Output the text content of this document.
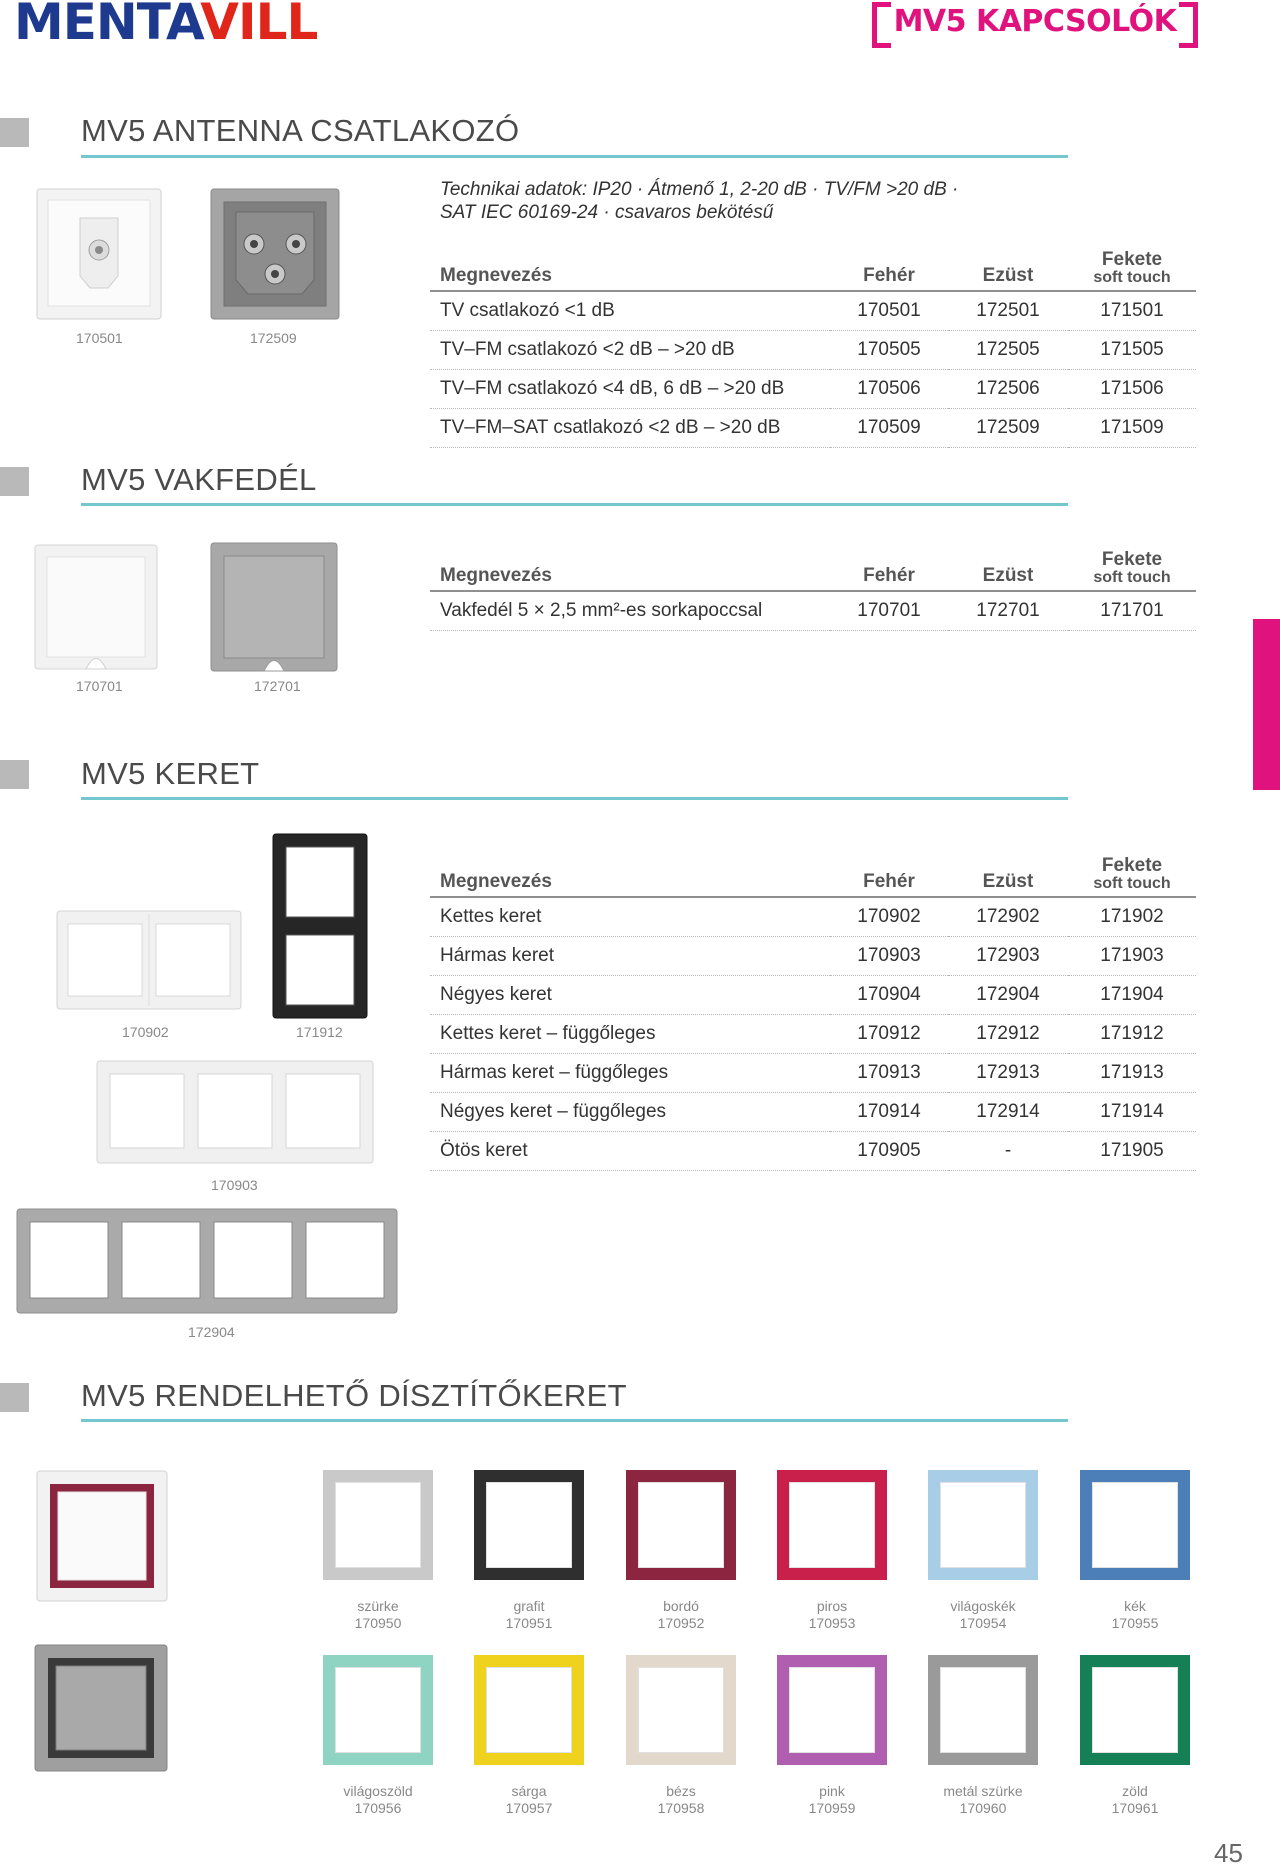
MENTAVILL	MV5 KAPCSOLÓK
MV5 ANTENNA CSATLAKOZÓ
170501	172509
Technikai adatok: IP20 · Átmenő 1, 2-20 dB · TV/FM >20 dB ·
SAT IEC 60169-24 · csavaros bekötésű
Megnevezés	Fehér	Ezüst	Fekete
soft touch

TV csatlakozó <1 dB	170501	172501	171501
TV–FM csatlakozó <2 dB – >20 dB	170505	172505	171505
TV–FM csatlakozó <4 dB, 6 dB – >20 dB	170506	172506	171506
TV–FM–SAT csatlakozó <2 dB – >20 dB	170509	172509	171509
MV5 VAKFEDÉL
170701	172701
Megnevezés	Fehér	Ezüst	Fekete
soft touch

Vakfedél 5 × 2,5 mm²-es sorkapoccsal	170701	172701	171701
MV5 KERET
170902	171912
170903
172904
Megnevezés	Fehér	Ezüst	Fekete
soft touch

Kettes keret	170902	172902	171902
Hármas keret	170903	172903	171903
Négyes keret	170904	172904	171904
Kettes keret – függőleges	170912	172912	171912
Hármas keret – függőleges	170913	172913	171913
Négyes keret – függőleges	170914	172914	171914
Ötös keret	170905	-	171905
MV5 RENDELHETŐ DÍSZTÍTŐKERET
szürke
170950
grafit
170951
bordó
170952
piros
170953
világoskék
170954
kék
170955
világoszöld
170956
sárga
170957
bézs
170958
pink
170959
metál szürke
170960
zöld
170961
45
